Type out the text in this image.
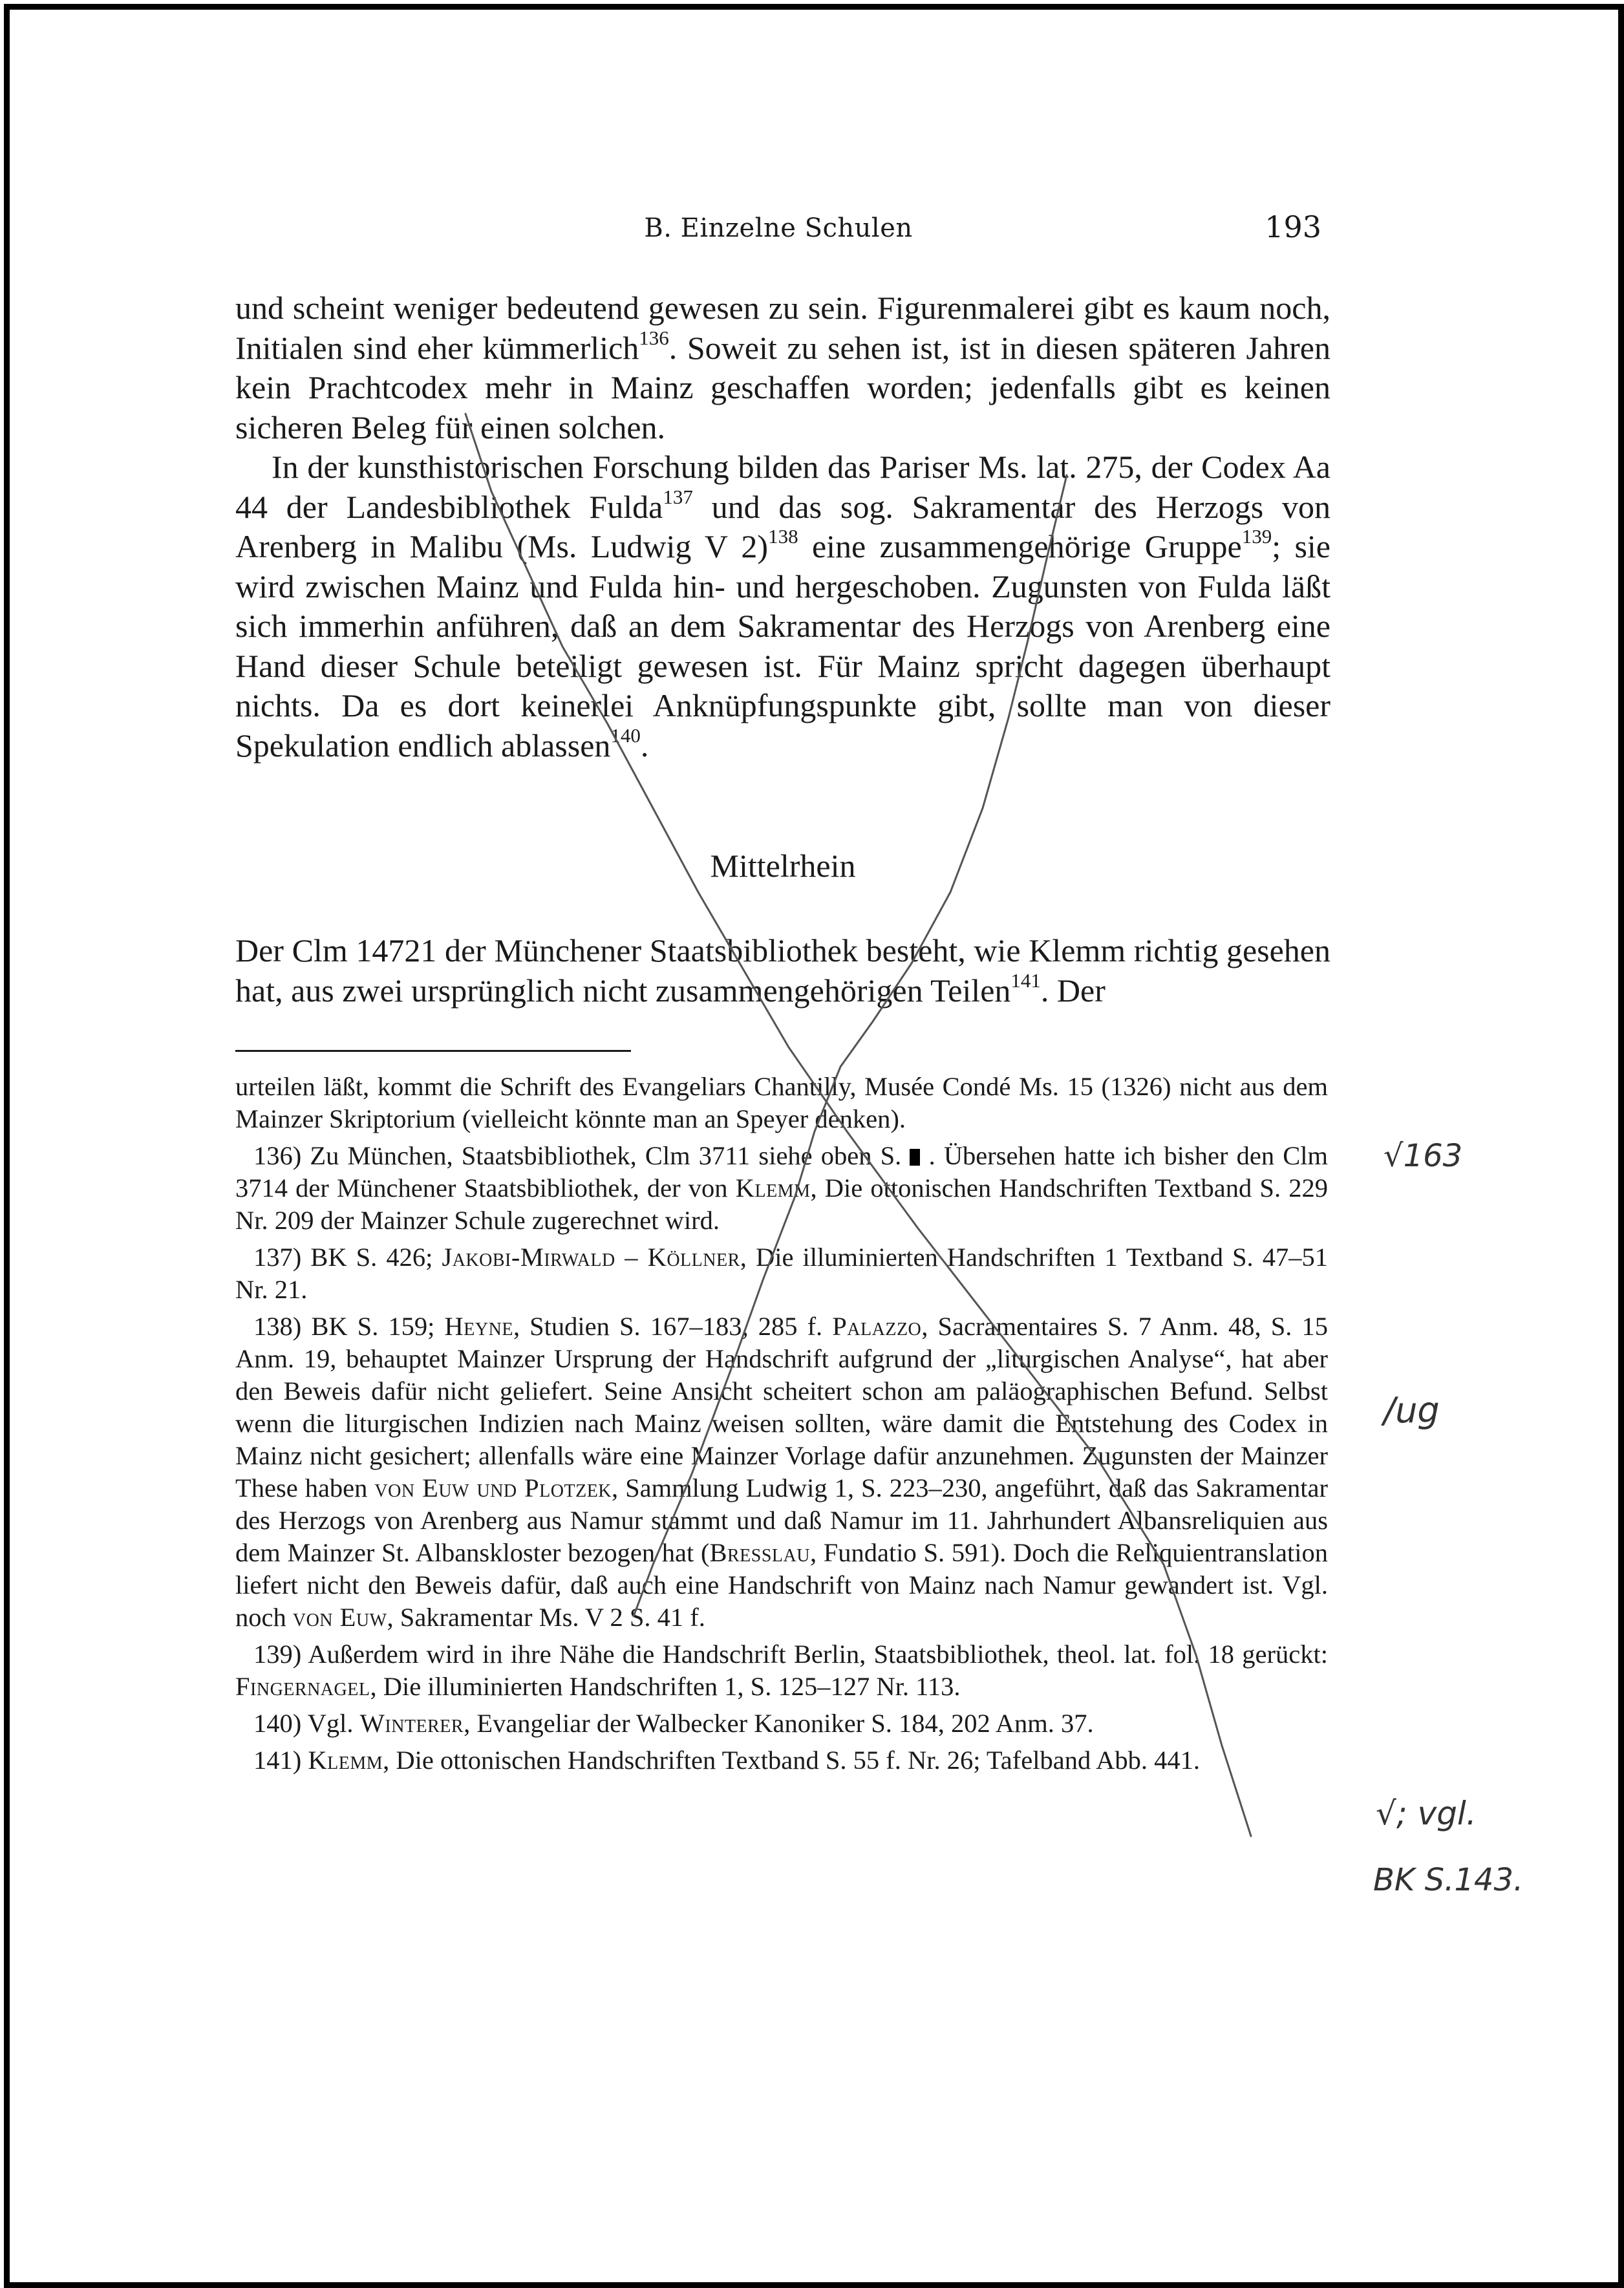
B. Einzelne Schulen	193

und scheint weniger bedeutend gewesen zu sein. Figurenmalerei gibt es kaum noch, Initialen sind eher kümmerlich$^{136}$. Soweit zu sehen ist, ist in diesen späteren Jahren kein Prachtcodex mehr in Mainz geschaffen worden; jedenfalls gibt es keinen sicheren Beleg für einen solchen.

In der kunsthistorischen Forschung bilden das Pariser Ms. lat. 275, der Codex Aa 44 der Landesbibliothek Fulda$^{137}$ und das sog. Sakramentar des Herzogs von Arenberg in Malibu (Ms. Ludwig V 2)$^{138}$ eine zusammengehörige Gruppe$^{139}$; sie wird zwischen Mainz und Fulda hin- und hergeschoben. Zugunsten von Fulda läßt sich immerhin anführen, daß an dem Sakramentar des Herzogs von Arenberg eine Hand dieser Schule beteiligt gewesen ist. Für Mainz spricht dagegen überhaupt nichts. Da es dort keinerlei Anknüpfungspunkte gibt, sollte man von dieser Spekulation endlich ablassen$^{140}$.

Mittelrhein

Der Clm 14721 der Münchener Staatsbibliothek besteht, wie Klemm richtig gesehen hat, aus zwei ursprünglich nicht zusammengehörigen Teilen$^{141}$. Der

urteilen läßt, kommt die Schrift des Evangeliars Chantilly, Musée Condé Ms. 15 (1326) nicht aus dem Mainzer Skriptorium (vielleicht könnte man an Speyer denken).

136) Zu München, Staatsbibliothek, Clm 3711 siehe oben S. . Übersehen hatte ich bisher den Clm 3714 der Münchener Staatsbibliothek, der von Klemm, Die ottonischen Handschriften Textband S. 229 Nr. 209 der Mainzer Schule zugerechnet wird.

137) BK S. 426; Jakobi-Mirwald – Köllner, Die illuminierten Handschriften 1 Textband S. 47–51 Nr. 21.

138) BK S. 159; Heyne, Studien S. 167–183, 285 f. Palazzo, Sacramentaires S. 7 Anm. 48, S. 15 Anm. 19, behauptet Mainzer Ursprung der Handschrift aufgrund der „liturgischen Analyse“, hat aber den Beweis dafür nicht geliefert. Seine Ansicht scheitert schon am paläographischen Befund. Selbst wenn die liturgischen Indizien nach Mainz weisen sollten, wäre damit die Entstehung des Codex in Mainz nicht gesichert; allenfalls wäre eine Mainzer Vorlage dafür anzunehmen. Zugunsten der Mainzer These haben von Euw und Plotzek, Sammlung Ludwig 1, S. 223–230, angeführt, daß das Sakramentar des Herzogs von Arenberg aus Namur stammt und daß Namur im 11. Jahrhundert Albansreliquien aus dem Mainzer St. Albanskloster bezogen hat (Bresslau, Fundatio S. 591). Doch die Reliquientranslation liefert nicht den Beweis dafür, daß auch eine Handschrift von Mainz nach Namur gewandert ist. Vgl. noch von Euw, Sakramentar Ms. V 2 S. 41 f.

139) Außerdem wird in ihre Nähe die Handschrift Berlin, Staatsbibliothek, theol. lat. fol. 18 gerückt: Fingernagel, Die illuminierten Handschriften 1, S. 125–127 Nr. 113.

140) Vgl. Winterer, Evangeliar der Walbecker Kanoniker S. 184, 202 Anm. 37.

141) Klemm, Die ottonischen Handschriften Textband S. 55 f. Nr. 26; Tafelband Abb. 441.

√163
/ug
√; vgl.
BK S.143.
